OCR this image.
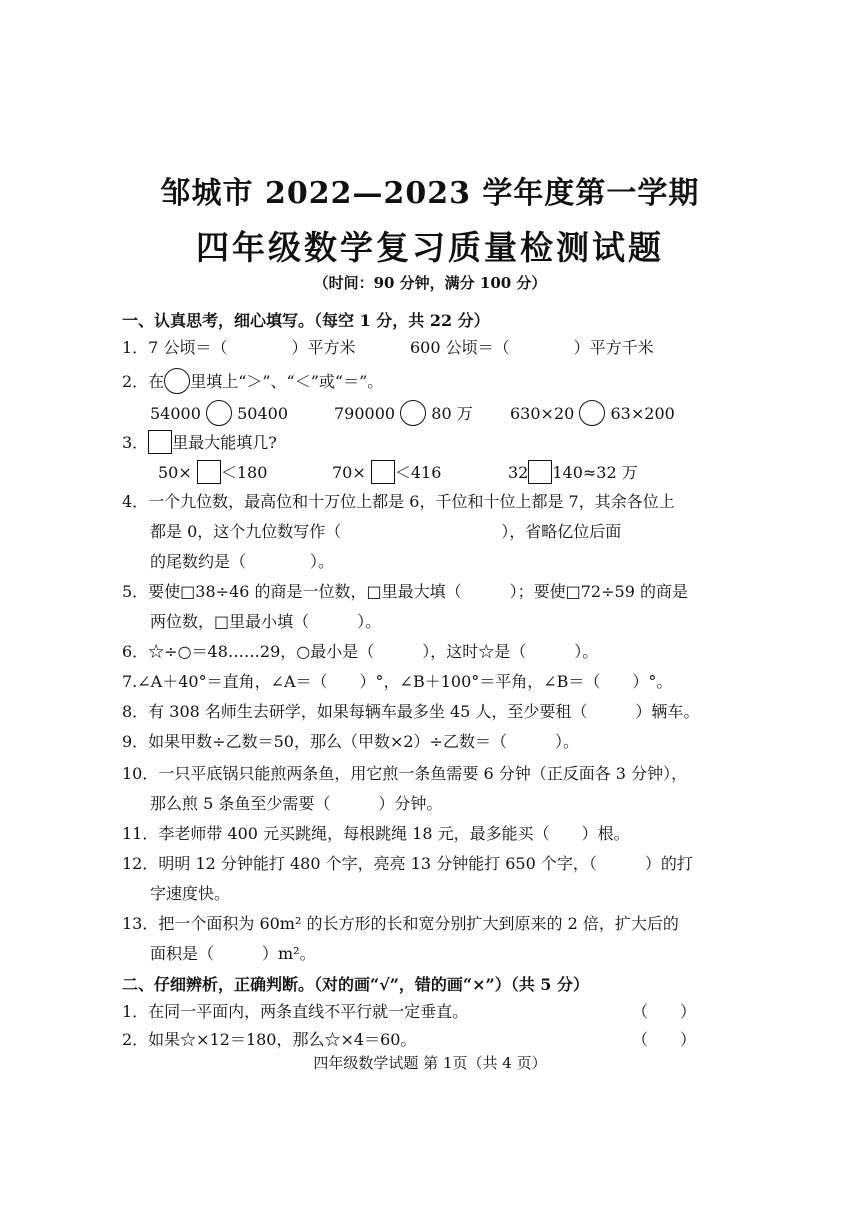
邹城市 2022—2023 学年度第一学期
四年级数学复习质量检测试题
（时间：90 分钟，满分 100 分）
一、认真思考，细心填写。（每空 1 分，共 22 分）
1．7 公顷＝（　　　　）平方米	600 公顷＝（　　　　）平方千米
2．在 里填上“＞”、“＜”或“＝”。
54000 50400	790000 80 万 630×20 63×200
3． 里最大能填几?
50× ＜180	70× ＜416	32 140≈32 万
4．一个九位数，最高位和十万位上都是 6，千位和十位上都是 7，其余各位上
都是 0，这个九位数写作（　　　　　　　　　　），省略亿位后面
的尾数约是（　　　　）。
5．要使□38÷46 的商是一位数，□里最大填（　　　）；要使□72÷59 的商是
两位数，□里最小填（　　　）。
6．☆÷○＝48……29，○最小是（　　　），这时☆是（　　　）。
7.∠A＋40°＝直角，∠A＝（　　）°，∠B＋100°＝平角，∠B＝（　　）°。
8．有 308 名师生去研学，如果每辆车最多坐 45 人，至少要租（　　　）辆车。
9．如果甲数÷乙数＝50，那么（甲数×2）÷乙数＝（　　　）。
10．一只平底锅只能煎两条鱼，用它煎一条鱼需要 6 分钟（正反面各 3 分钟），
那么煎 5 条鱼至少需要（　　　）分钟。
11．李老师带 400 元买跳绳，每根跳绳 18 元，最多能买（　　）根。
12．明明 12 分钟能打 480 个字，亮亮 13 分钟能打 650 个字，（　　　）的打
字速度快。
13．把一个面积为 60m² 的长方形的长和宽分别扩大到原来的 2 倍，扩大后的
面积是（　　　）m²。
二、仔细辨析，正确判断。（对的画“√”，错的画“×”）（共 5 分）
1．在同一平面内，两条直线不平行就一定垂直。	（　　）
2．如果☆×12＝180，那么☆×4＝60。	（　　）
四年级数学试题 第 1页（共 4 页）
